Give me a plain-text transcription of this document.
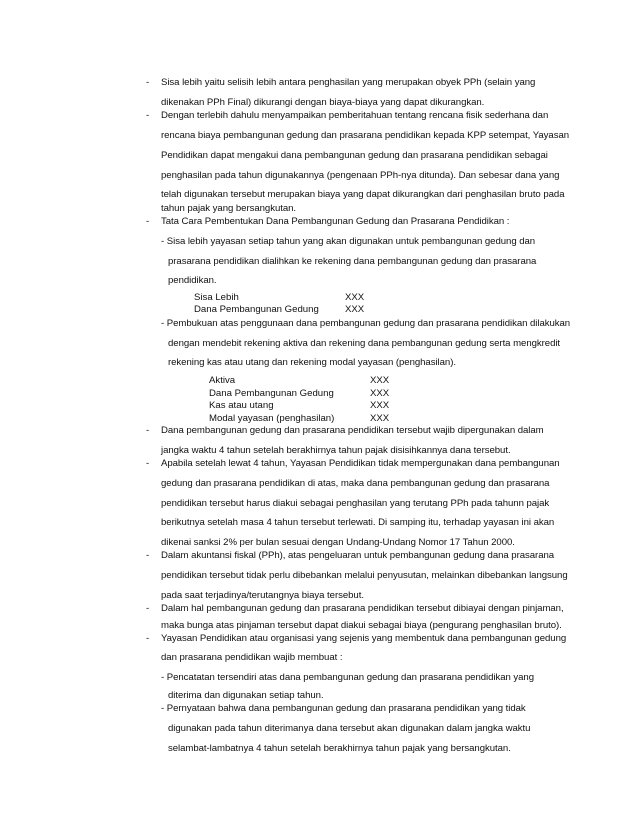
- Sisa lebih yaitu selisih lebih antara penghasilan yang merupakan obyek PPh (selain yang
dikenakan PPh Final) dikurangi dengan biaya-biaya yang dapat dikurangkan.
- Dengan terlebih dahulu menyampaikan pemberitahuan tentang rencana fisik sederhana dan
rencana biaya pembangunan gedung dan prasarana pendidikan kepada KPP setempat, Yayasan
Pendidikan dapat mengakui dana pembangunan gedung dan prasarana pendidikan sebagai
penghasilan pada tahun digunakannya (pengenaan PPh-nya ditunda). Dan sebesar dana yang
telah digunakan tersebut merupakan biaya yang dapat dikurangkan dari penghasilan bruto pada
tahun pajak yang bersangkutan.
- Tata Cara Pembentukan Dana Pembangunan Gedung dan Prasarana Pendidikan :
- Sisa lebih yayasan setiap tahun yang akan digunakan untuk pembangunan gedung dan
prasarana pendidikan dialihkan ke rekening dana pembangunan gedung dan prasarana
pendidikan.
Sisa Lebih	XXX
Dana Pembangunan Gedung	XXX
- Pembukuan atas penggunaan dana pembangunan gedung dan prasarana pendidikan dilakukan
dengan mendebit rekening aktiva dan rekening dana pembangunan gedung serta mengkredit
rekening kas atau utang dan rekening modal yayasan (penghasilan).
Aktiva	XXX
Dana Pembangunan Gedung	XXX
Kas atau utang	XXX
Modal yayasan (penghasilan)	XXX
- Dana pembangunan gedung dan prasarana pendidikan tersebut wajib dipergunakan dalam
jangka waktu 4 tahun setelah berakhirnya tahun pajak disisihkannya dana tersebut.
- Apabila setelah lewat 4 tahun, Yayasan Pendidikan tidak mempergunakan dana pembangunan
gedung dan prasarana pendidikan di atas, maka dana pembangunan gedung dan prasarana
pendidikan tersebut harus diakui sebagai penghasilan yang terutang PPh pada tahunn pajak
berikutnya setelah masa 4 tahun tersebut terlewati. Di samping itu, terhadap yayasan ini akan
dikenai sanksi 2% per bulan sesuai dengan Undang-Undang Nomor 17 Tahun 2000.
- Dalam akuntansi fiskal (PPh), atas pengeluaran untuk pembangunan gedung dana prasarana
pendidikan tersebut tidak perlu dibebankan melalui penyusutan, melainkan dibebankan langsung
pada saat terjadinya/terutangnya biaya tersebut.
- Dalam hal pembangunan gedung dan prasarana pendidikan tersebut dibiayai dengan pinjaman,
maka bunga atas pinjaman tersebut dapat diakui sebagai biaya (pengurang penghasilan bruto).
- Yayasan Pendidikan atau organisasi yang sejenis yang membentuk dana pembangunan gedung
dan prasarana pendidikan wajib membuat :
- Pencatatan tersendiri atas dana pembangunan gedung dan prasarana pendidikan yang
diterima dan digunakan setiap tahun.
- Pernyataan bahwa dana pembangunan gedung dan prasarana pendidikan yang tidak
digunakan pada tahun diterimanya dana tersebut akan digunakan dalam jangka waktu
selambat-lambatnya 4 tahun setelah berakhirnya tahun pajak yang bersangkutan.
